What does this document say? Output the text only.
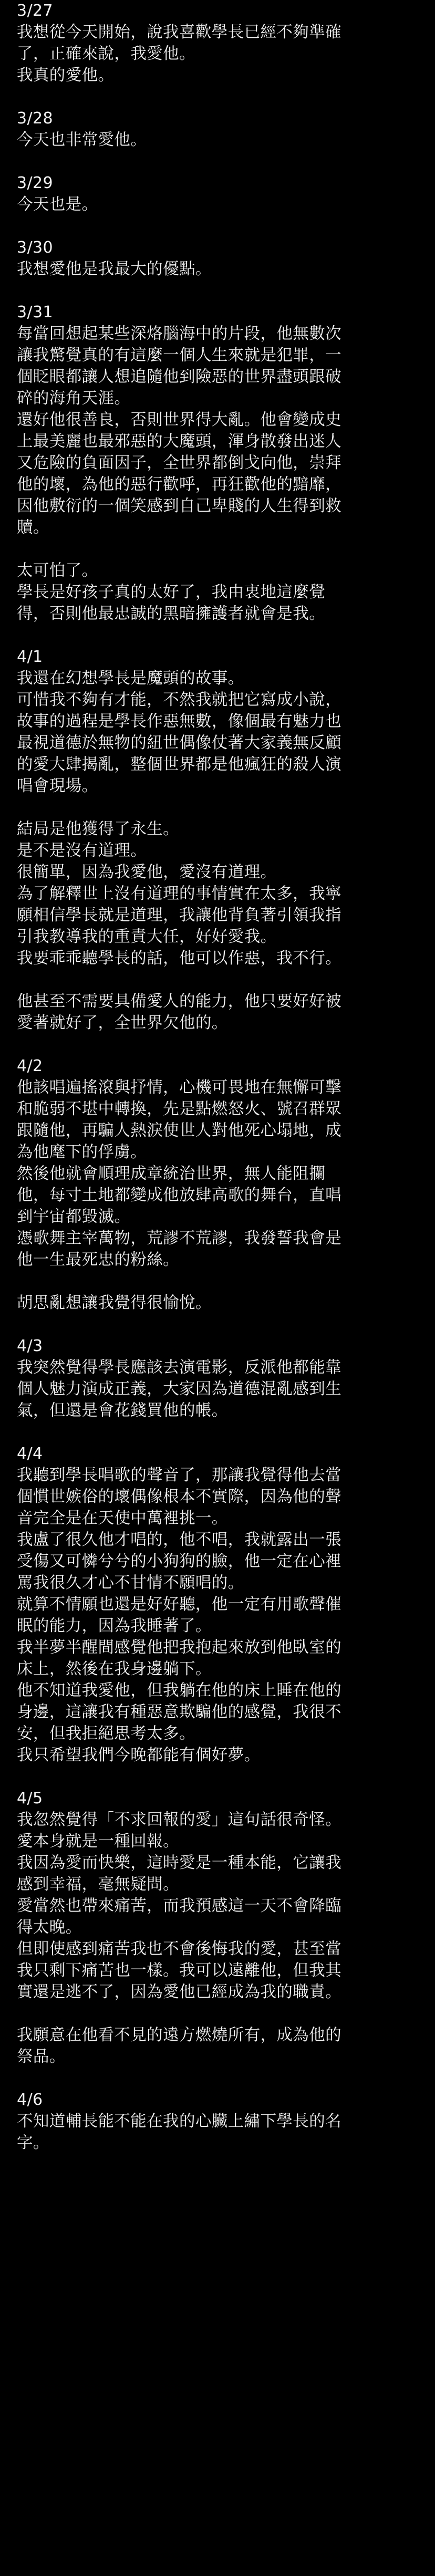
3/27
我想從今天開始，說我喜歡學長已經不夠準確
了，正確來說，我愛他。
我真的愛他。
3/28
今天也非常愛他。
3/29
今天也是。
3/30
我想愛他是我最大的優點。
3/31
每當回想起某些深烙腦海中的片段，他無數次
讓我驚覺真的有這麼一個人生來就是犯罪，一
個眨眼都讓人想追隨他到險惡的世界盡頭跟破
碎的海角天涯。
還好他很善良，否則世界得大亂。他會變成史
上最美麗也最邪惡的大魔頭，渾身散發出迷人
又危險的負面因子，全世界都倒戈向他，崇拜
他的壞，為他的惡行歡呼，再狂歡他的黯靡，
因他敷衍的一個笑感到自己卑賤的人生得到救
贖。
太可怕了。
學長是好孩子真的太好了，我由衷地這麼覺
得，否則他最忠誠的黑暗擁護者就會是我。
4/1
我還在幻想學長是魔頭的故事。
可惜我不夠有才能，不然我就把它寫成小說，
故事的過程是學長作惡無數，像個最有魅力也
最視道德於無物的紐世偶像仗著大家義無反顧
的愛大肆揭亂，整個世界都是他瘋狂的殺人演
唱會現場。
結局是他獲得了永生。
是不是沒有道理。
很簡單，因為我愛他，愛沒有道理。
為了解釋世上沒有道理的事情實在太多，我寧
願相信學長就是道理，我讓他背負著引領我指
引我教導我的重責大任，好好愛我。
我要乖乖聽學長的話，他可以作惡，我不行。
他甚至不需要具備愛人的能力，他只要好好被
愛著就好了，全世界欠他的。
4/2
他該唱遍搖滾與抒情，心機可畏地在無懈可擊
和脆弱不堪中轉換，先是點燃怒火、號召群眾
跟隨他，再騙人熱淚使世人對他死心塌地，成
為他麾下的俘虜。
然後他就會順理成章統治世界，無人能阻攔
他，每寸土地都變成他放肆高歌的舞台，直唱
到宇宙都毀滅。
憑歌舞主宰萬物，荒謬不荒謬，我發誓我會是
他一生最死忠的粉絲。
胡思亂想讓我覺得很愉悅。
4/3
我突然覺得學長應該去演電影，反派他都能靠
個人魅力演成正義，大家因為道德混亂感到生
氣，但還是會花錢買他的帳。
4/4
我聽到學長唱歌的聲音了，那讓我覺得他去當
個慣世嫉俗的壞偶像根本不實際，因為他的聲
音完全是在天使中萬裡挑一。
我盧了很久他才唱的，他不唱，我就露出一張
受傷又可憐兮兮的小狗狗的臉，他一定在心裡
罵我很久才心不甘情不願唱的。
就算不情願也還是好好聽，他一定有用歌聲催
眠的能力，因為我睡著了。
我半夢半醒間感覺他把我抱起來放到他臥室的
床上，然後在我身邊躺下。
他不知道我愛他，但我躺在他的床上睡在他的
身邊，這讓我有種惡意欺騙他的感覺，我很不
安，但我拒絕思考太多。
我只希望我們今晚都能有個好夢。
4/5
我忽然覺得「不求回報的愛」這句話很奇怪。
愛本身就是一種回報。
我因為愛而快樂，這時愛是一種本能，它讓我
感到幸福，毫無疑問。
愛當然也帶來痛苦，而我預感這一天不會降臨
得太晚。
但即使感到痛苦我也不會後悔我的愛，甚至當
我只剩下痛苦也一樣。我可以遠離他，但我其
實還是逃不了，因為愛他已經成為我的職責。
我願意在他看不見的遠方燃燒所有，成為他的
祭品。
4/6
不知道輔長能不能在我的心臟上繡下學長的名
字。
